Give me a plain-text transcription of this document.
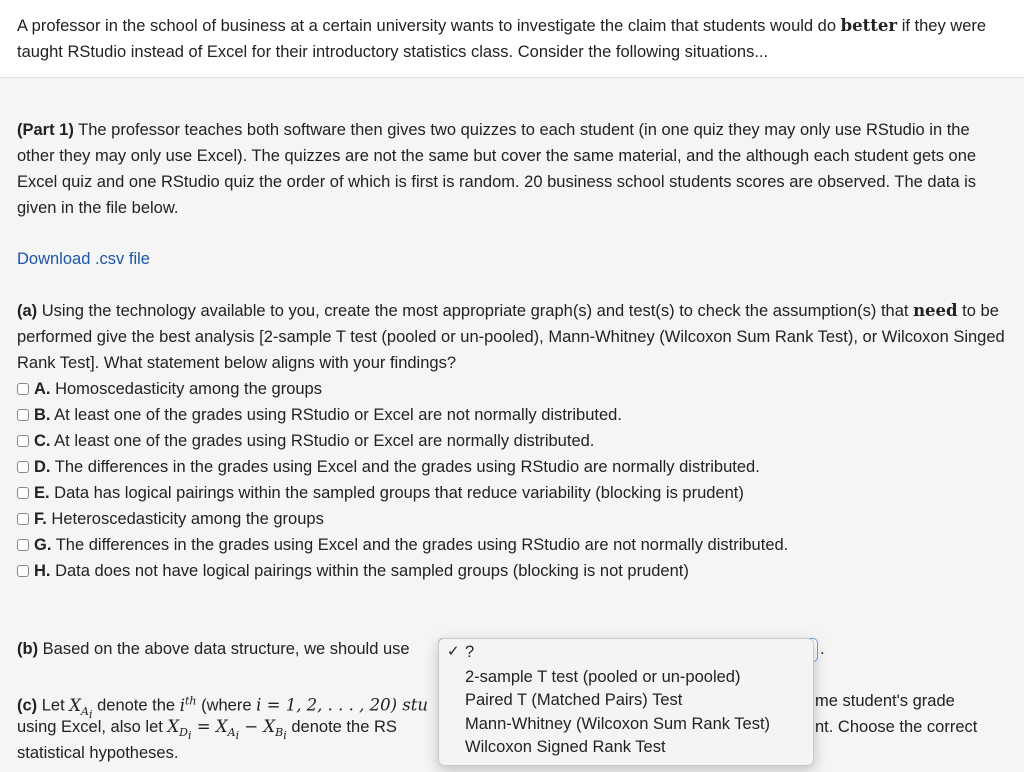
A professor in the school of business at a certain university wants to investigate the claim that students would do better if they were taught RStudio instead of Excel for their introductory statistics class. Consider the following situations...

(Part 1) The professor teaches both software then gives two quizzes to each student (in one quiz they may only use RStudio in the other they may only use Excel). The quizzes are not the same but cover the same material, and the although each student gets one Excel quiz and one RStudio quiz the order of which is first is random. 20 business school students scores are observed. The data is given in the file below.

Download .csv file

(a) Using the technology available to you, create the most appropriate graph(s) and test(s) to check the assumption(s) that need to be performed give the best analysis [2-sample T test (pooled or un-pooled), Mann-Whitney (Wilcoxon Sum Rank Test), or Wilcoxon Singed Rank Test]. What statement below aligns with your findings?

A. Homoscedasticity among the groups
B. At least one of the grades using RStudio or Excel are not normally distributed.
C. At least one of the grades using RStudio or Excel are normally distributed.
D. The differences in the grades using Excel and the grades using RStudio are normally distributed.
E. Data has logical pairings within the sampled groups that reduce variability (blocking is prudent)
F. Heteroscedasticity among the groups
G. The differences in the grades using Excel and the grades using RStudio are not normally distributed.
H. Data does not have logical pairings within the sampled groups (blocking is not prudent)

(b) Based on the above data structure, we should use	.
(c) Let $X_{A_i}$ denote the $i^{th}$ (where i = 1, 2, . . . , 20) stu	me student's grade
using Excel, also let $X_{D_i} = X_{A_i} - X_{B_i}$ denote the RS	nt. Choose the correct
statistical hypotheses.
✓ ?
2-sample T test (pooled or un-pooled)
Paired T (Matched Pairs) Test
Mann-Whitney (Wilcoxon Sum Rank Test)
Wilcoxon Signed Rank Test
